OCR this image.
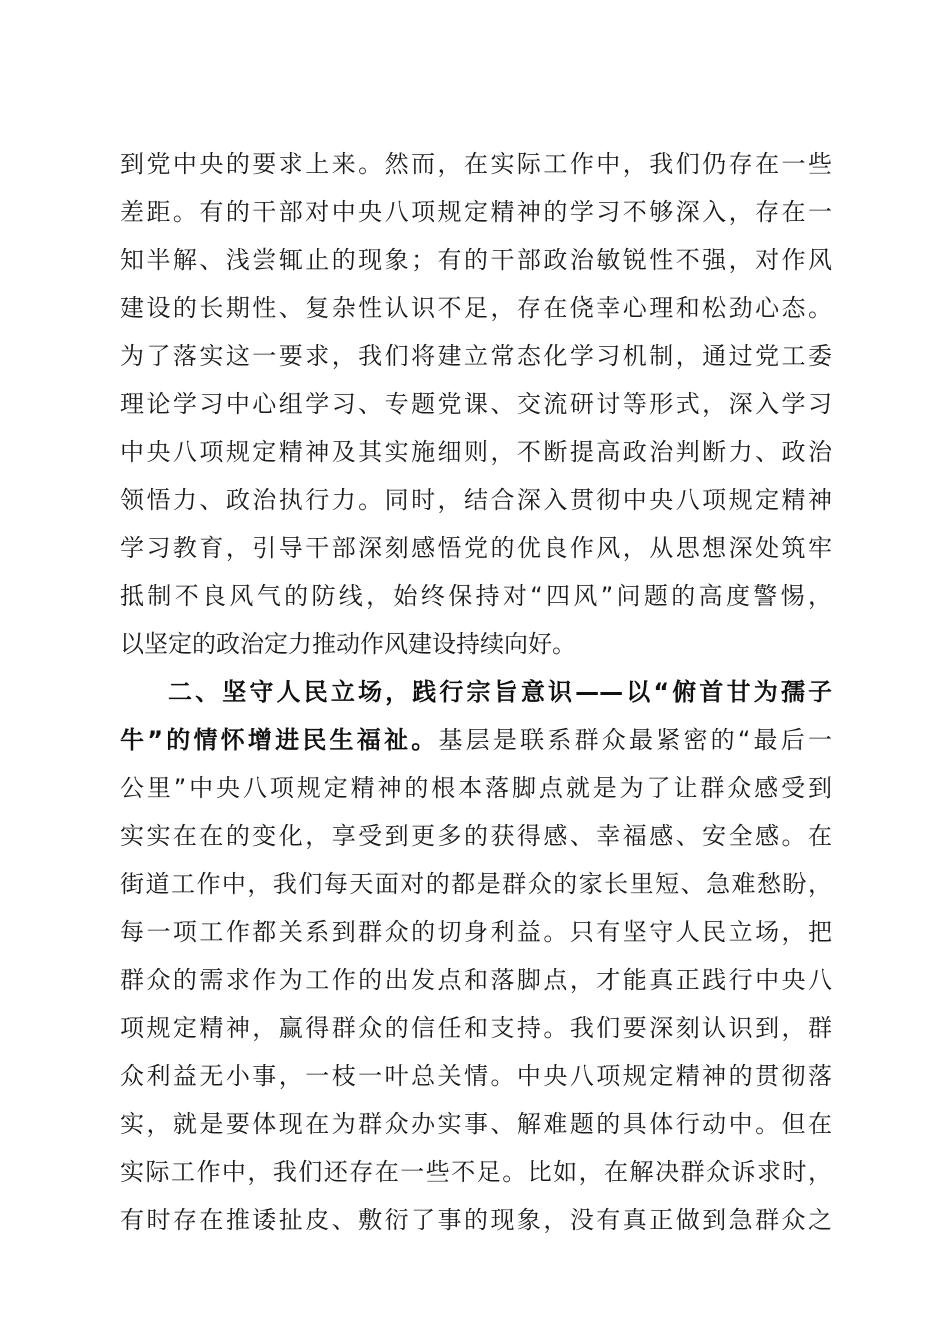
到党中央的要求上来。然而，在实际工作中，我们仍存在一些
差距。有的干部对中央八项规定精神的学习不够深入，存在一
知半解、浅尝辄止的现象；有的干部政治敏锐性不强，对作风
建设的长期性、复杂性认识不足，存在侥幸心理和松劲心态。
为了落实这一要求，我们将建立常态化学习机制，通过党工委
理论学习中心组学习、专题党课、交流研讨等形式，深入学习
中央八项规定精神及其实施细则，不断提高政治判断力、政治
领悟力、政治执行力。同时，结合深入贯彻中央八项规定精神
学习教育，引导干部深刻感悟党的优良作风，从思想深处筑牢
抵制不良风气的防线，始终保持对“四风”问题的高度警惕，
以坚定的政治定力推动作风建设持续向好。
二、坚守人民立场，践行宗旨意识——以“俯首甘为孺子
牛”的情怀增进民生福祉。基层是联系群众最紧密的“最后一
公里”中央八项规定精神的根本落脚点就是为了让群众感受到
实实在在的变化，享受到更多的获得感、幸福感、安全感。在
街道工作中，我们每天面对的都是群众的家长里短、急难愁盼，
每一项工作都关系到群众的切身利益。只有坚守人民立场，把
群众的需求作为工作的出发点和落脚点，才能真正践行中央八
项规定精神，赢得群众的信任和支持。我们要深刻认识到，群
众利益无小事，一枝一叶总关情。中央八项规定精神的贯彻落
实，就是要体现在为群众办实事、解难题的具体行动中。但在
实际工作中，我们还存在一些不足。比如，在解决群众诉求时，
有时存在推诿扯皮、敷衍了事的现象，没有真正做到急群众之
